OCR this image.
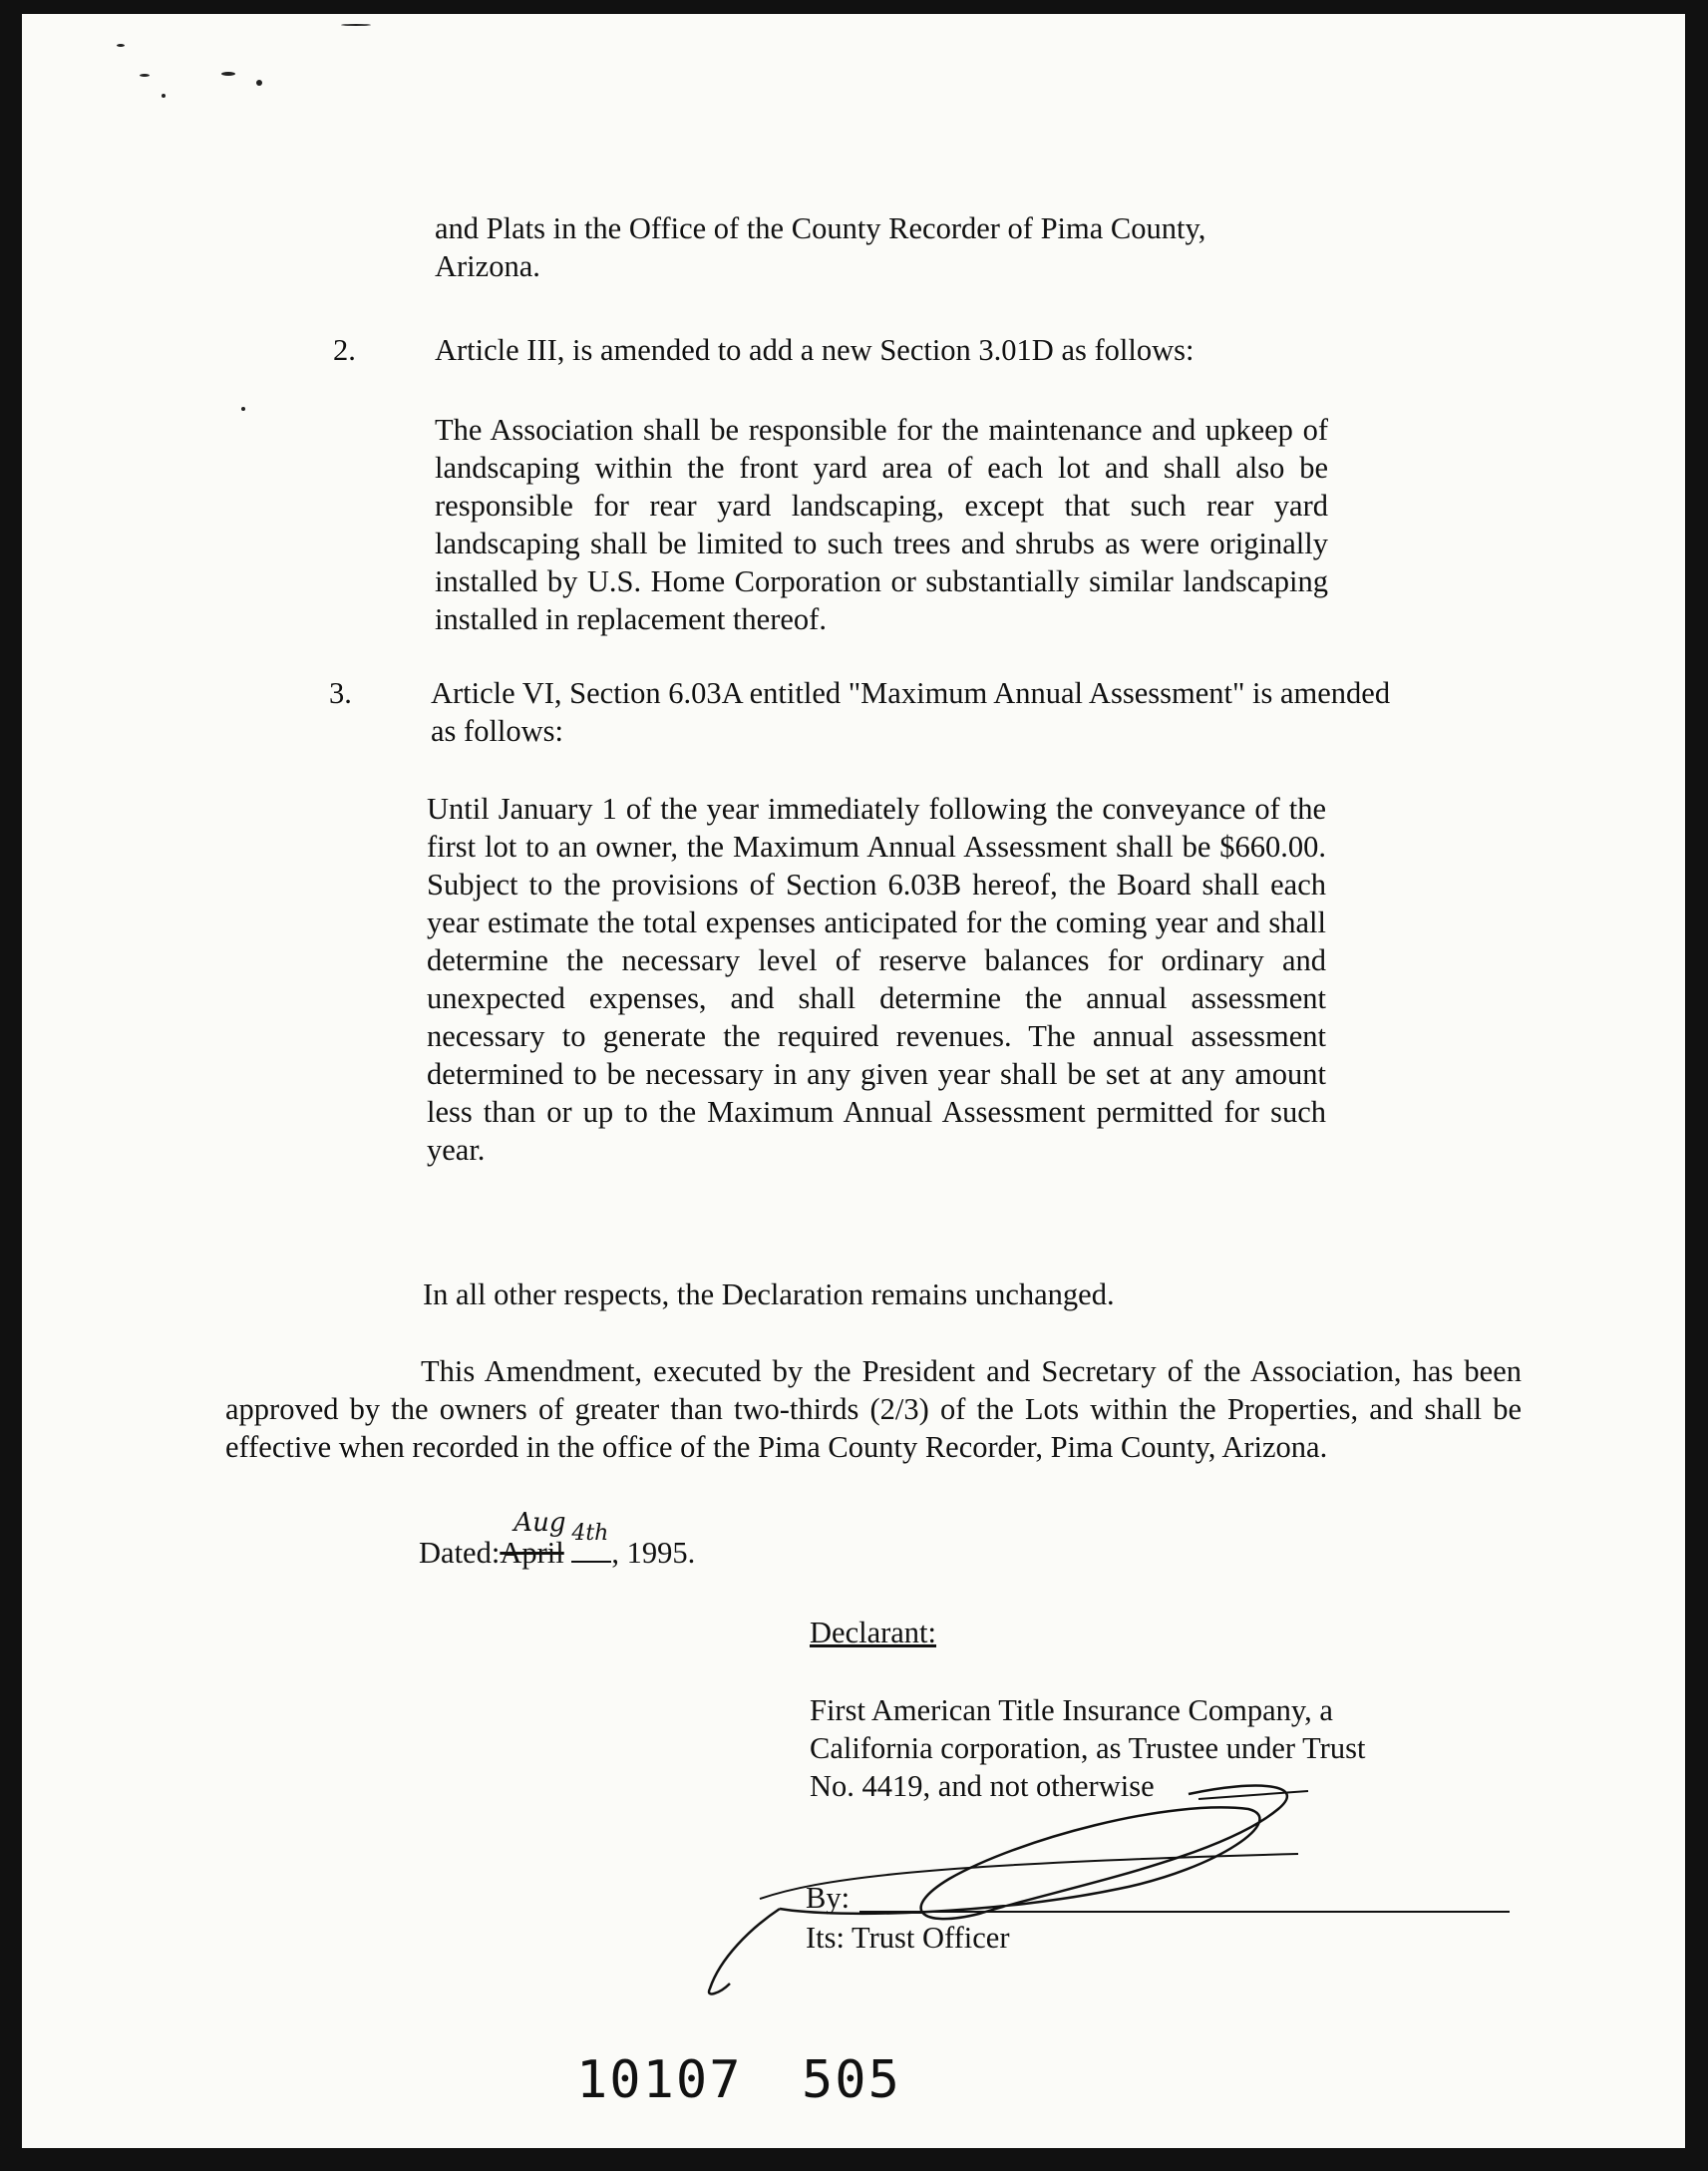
and Plats in the Office of the County Recorder of Pima County,
Arizona.
2.	Article III, is amended to add a new Section 3.01D as follows:
The Association shall be responsible for the maintenance and upkeep of landscaping within the front yard area of each lot and shall also be responsible for rear yard landscaping, except that such rear yard landscaping shall be limited to such trees and shrubs as were originally installed by U.S. Home Corporation or substantially similar landscaping installed in replacement thereof.
3.	Article VI, Section 6.03A entitled "Maximum Annual Assessment" is amended
as follows:
Until January 1 of the year immediately following the conveyance of the first lot to an owner, the Maximum Annual Assessment shall be $660.00. Subject to the provisions of Section 6.03B hereof, the Board shall each year estimate the total expenses anticipated for the coming year and shall determine the necessary level of reserve balances for ordinary and unexpected expenses, and shall determine the annual assessment necessary to generate the required revenues. The annual assessment determined to be necessary in any given year shall be set at any amount less than or up to the Maximum Annual Assessment permitted for such year.
In all other respects, the Declaration remains unchanged.
This Amendment, executed by the President and Secretary of the Association, has been approved by the owners of greater than two-thirds (2/3) of the Lots within the Properties, and shall be effective when recorded in the office of the Pima County Recorder, Pima County, Arizona.
Dated:April
Aug
4th
, 1995.
Declarant:
First American Title Insurance Company, a
California corporation, as Trustee under Trust
No. 4419, and not otherwise
By:
Its: Trust Officer
10107 505
